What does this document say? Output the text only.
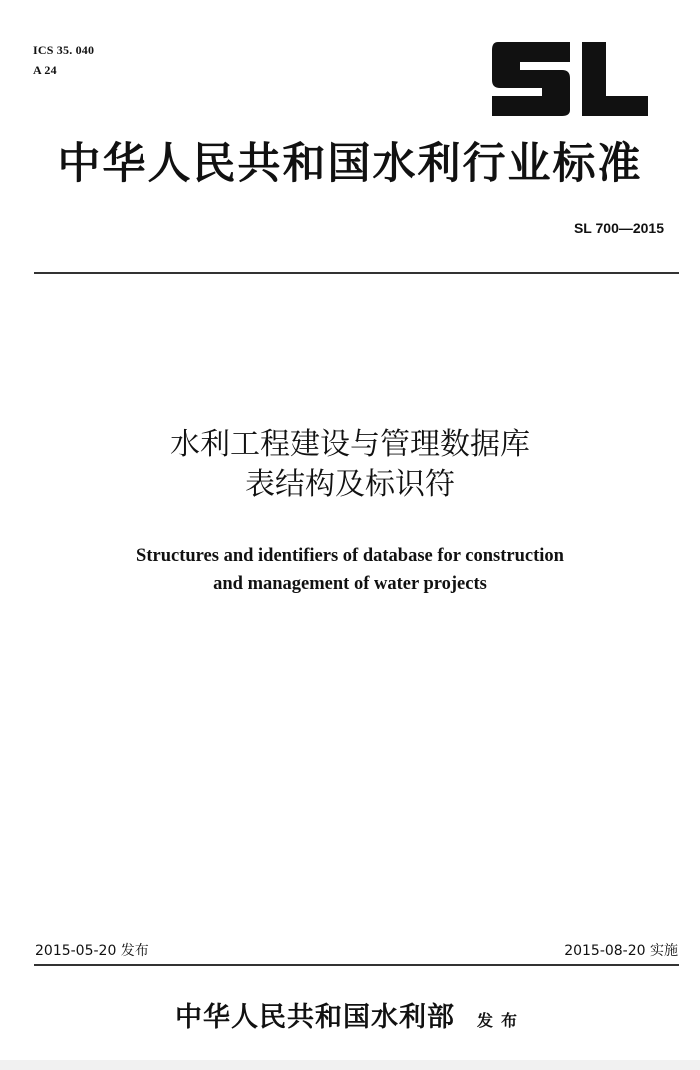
ICS 35. 040
A 24
中华人民共和国水利行业标准
SL 700—2015
水利工程建设与管理数据库
表结构及标识符
Structures and identifiers of database for construction
and management of water projects
2015-05-20 发布	2015-08-20 实施
中华人民共和国水利部 发布
